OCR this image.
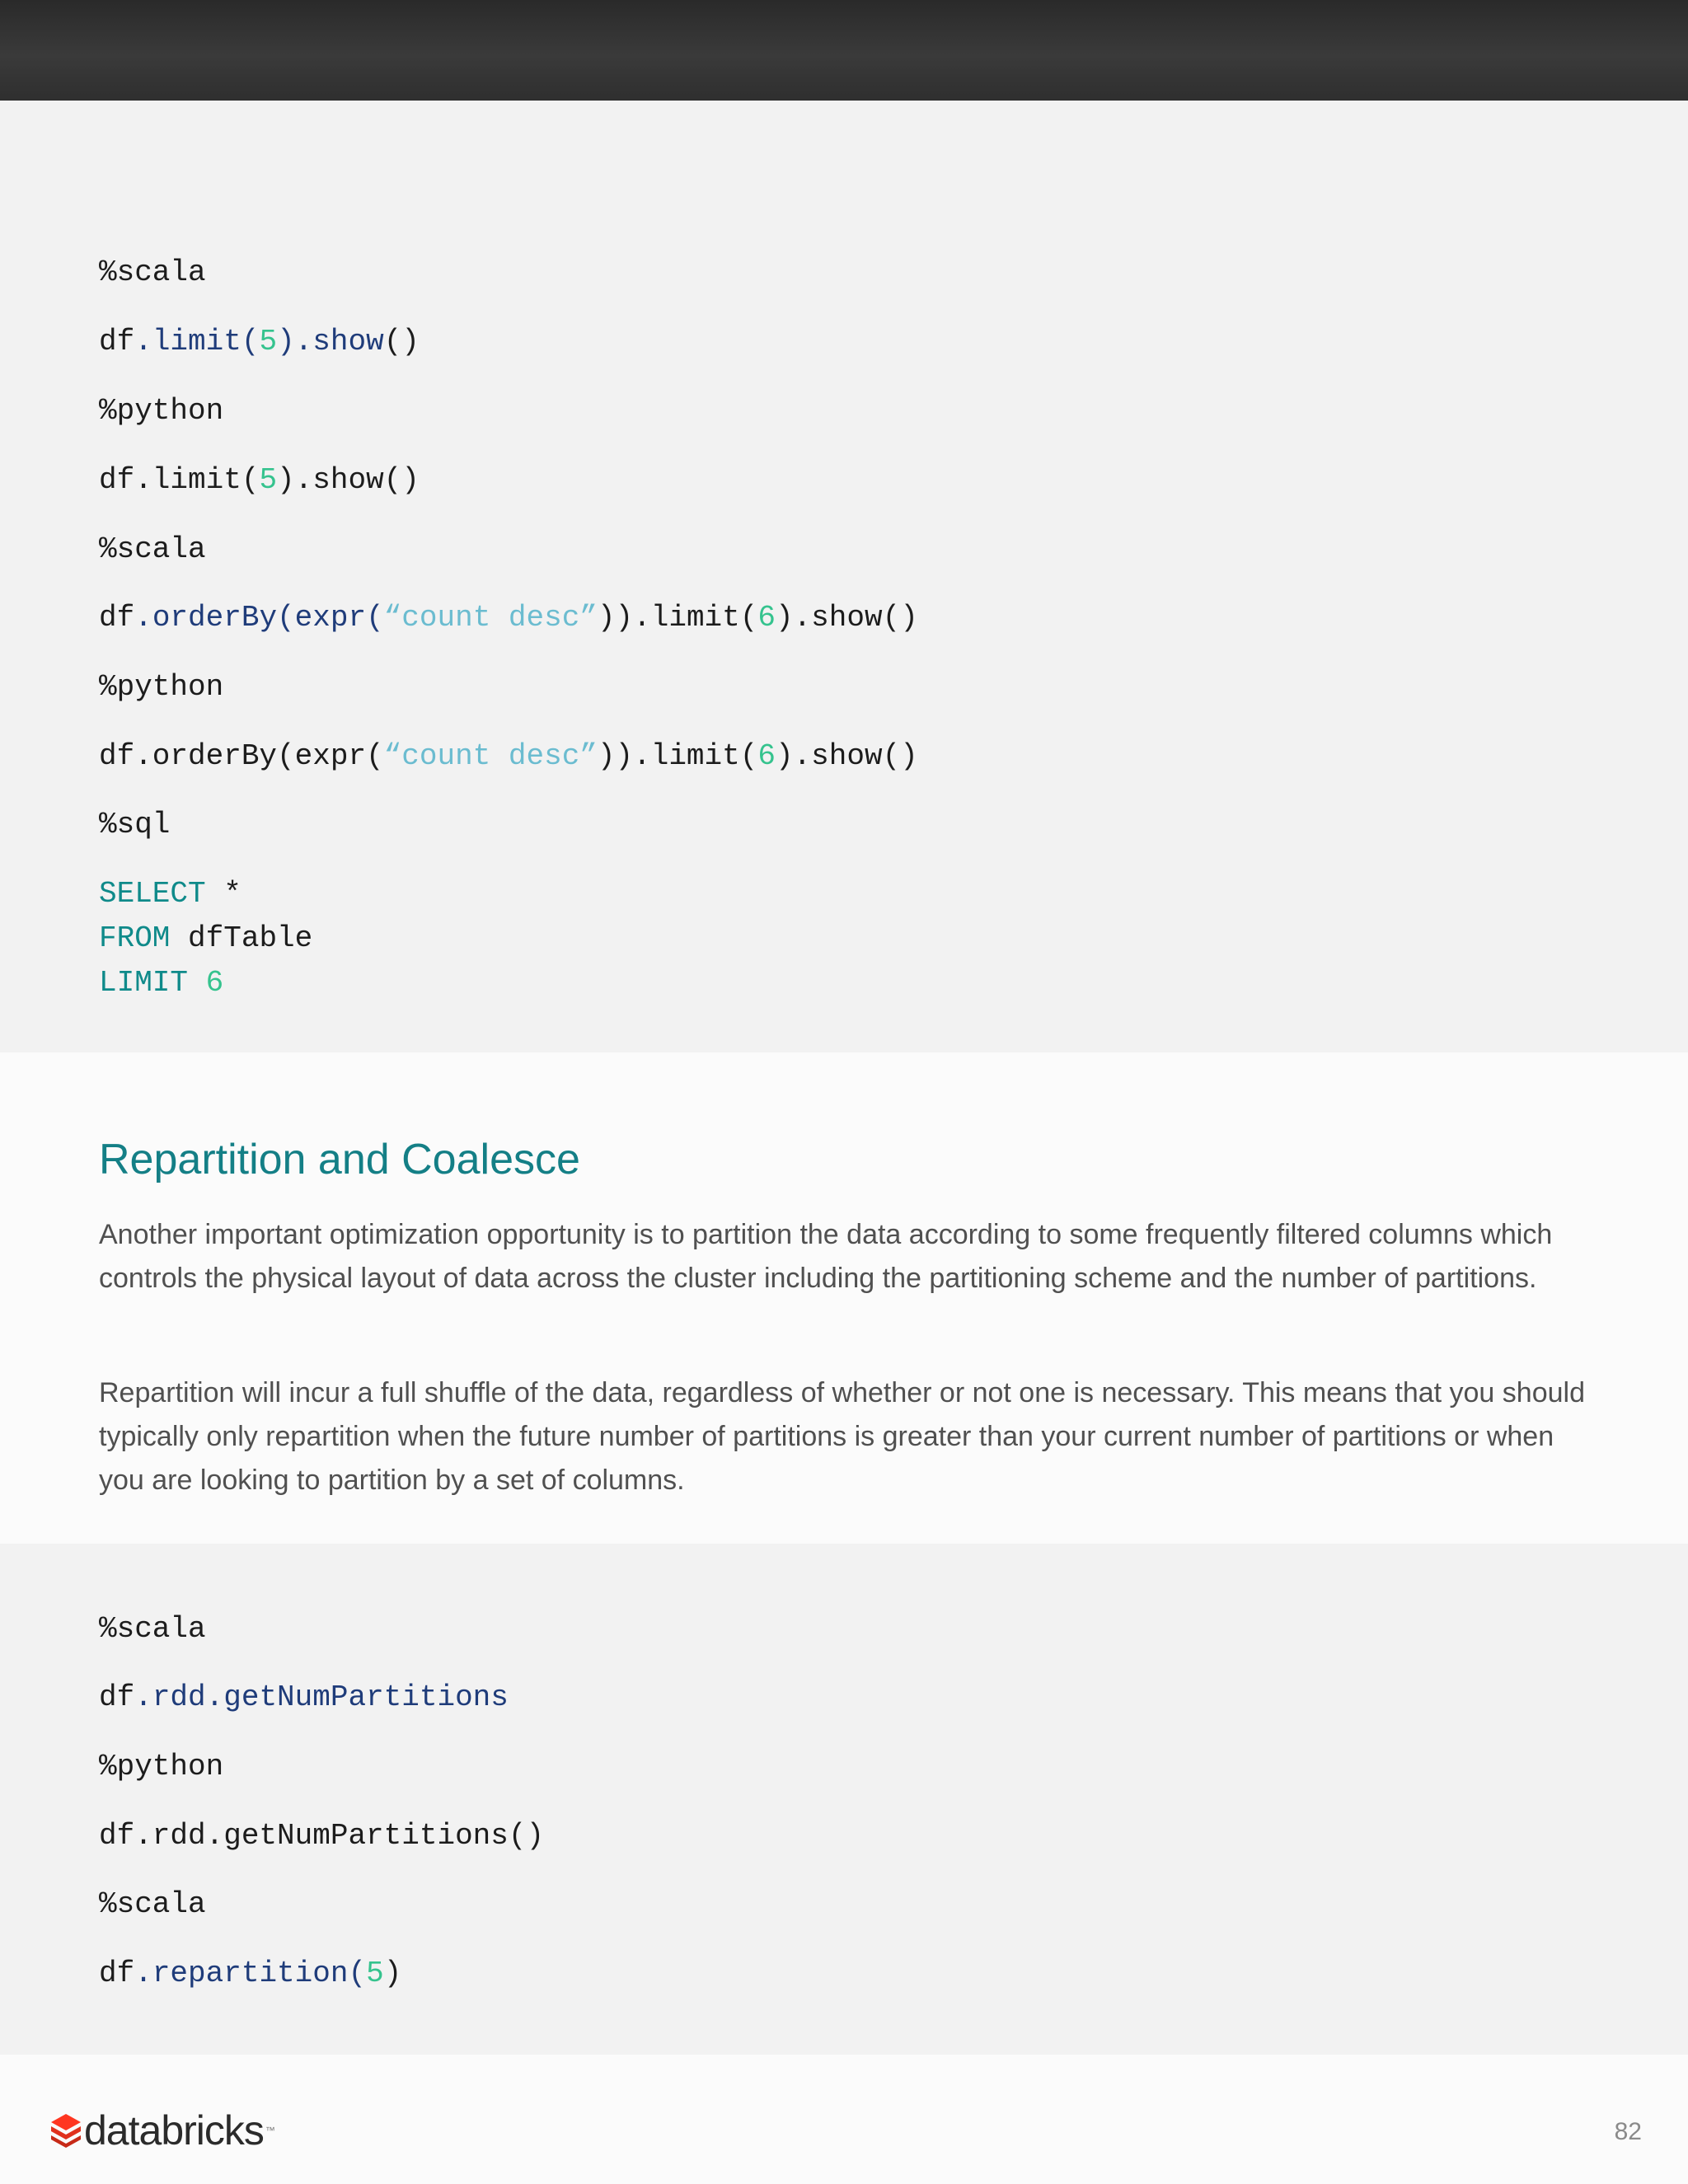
%scala
df.limit(5).show()
%python
df.limit(5).show()
%scala
df.orderBy(expr(“count desc”)).limit(6).show()
%python
df.orderBy(expr(“count desc”)).limit(6).show()
%sql
SELECT *
FROM dfTable
LIMIT 6
Repartition and Coalesce

Another important optimization opportunity is to partition the data according to some frequently filtered columns which controls the physical layout of data across the cluster including the partitioning scheme and the number of partitions.

Repartition will incur a full shuffle of the data, regardless of whether or not one is necessary. This means that you should typically only repartition when the future number of partitions is greater than your current number of partitions or when you are looking to partition by a set of columns.

%scala
df.rdd.getNumPartitions
%python
df.rdd.getNumPartitions()
%scala
df.repartition(5)
databricks ™	82
